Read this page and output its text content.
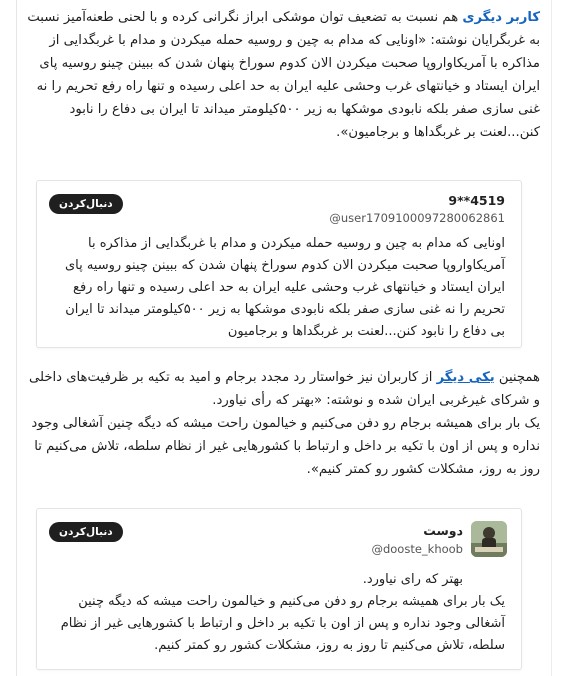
کاربر دیگری هم نسبت به تضعیف توان موشکی ابراز نگرانی کرده و با لحنی طعنه‌آمیز نسبت به غربگرایان نوشته: «اونایی که مدام به چین و روسیه حمله میکردن و مدام با غربگدایی از مذاکره با آمریکاواروپا صحبت میکردن الان کدوم سوراخ پنهان شدن که ببینن چینو روسیه پای ایران ایستاد و خیانتهای غرب وحشی علیه ایران به حد اعلی رسیده و تنها راه رفع تحریم را نه غنی سازی صفر بلکه نابودی موشکها به زیر ۵۰۰کیلومتر میداند تا ایران بی دفاع را نابود کنن...لعنت بر غربگداها و برجامیون».
دنبال‌کردن	4519**9
@user1709100097280062861
اونایی که مدام به چین و روسیه حمله میکردن و مدام با غربگدایی از مذاکره با آمریکاواروپا صحبت میکردن الان کدوم سوراخ پنهان شدن که ببینن چینو روسیه پای ایران ایستاد و خیانتهای غرب وحشی علیه ایران به حد اعلی رسیده و تنها راه رفع تحریم را نه غنی سازی صفر بلکه نابودی موشکها به زیر ۵۰۰کیلومتر میداند تا ایران بی دفاع را نابود کنن...لعنت بر غربگداها و برجامیون
همچنین یکی دیگر از کاربران نیز خواستار رد مجدد برجام و امید به تکیه بر ظرفیت‌های داخلی و شرکای غیرغربی ایران شده و نوشته: «بهتر که رأی نیاورد.
یک بار برای همیشه برجام رو دفن می‌کنیم و خیالمون راحت میشه که دیگه چنین آشغالی وجود نداره و پس از اون با تکیه بر داخل و ارتباط با کشورهایی غیر از نظام سلطه، تلاش می‌کنیم تا روز به روز، مشکلات کشور رو کمتر کنیم».
دنبال‌کردن	دوست
@dooste_khoob
بهتر که رای نیاورد.
یک بار برای همیشه برجام رو دفن می‌کنیم و خیالمون راحت میشه که دیگه چنین آشغالی وجود نداره و پس از اون با تکیه بر داخل و ارتباط با کشورهایی غیر از نظام سلطه، تلاش می‌کنیم تا روز به روز، مشکلات کشور رو کمتر کنیم.
